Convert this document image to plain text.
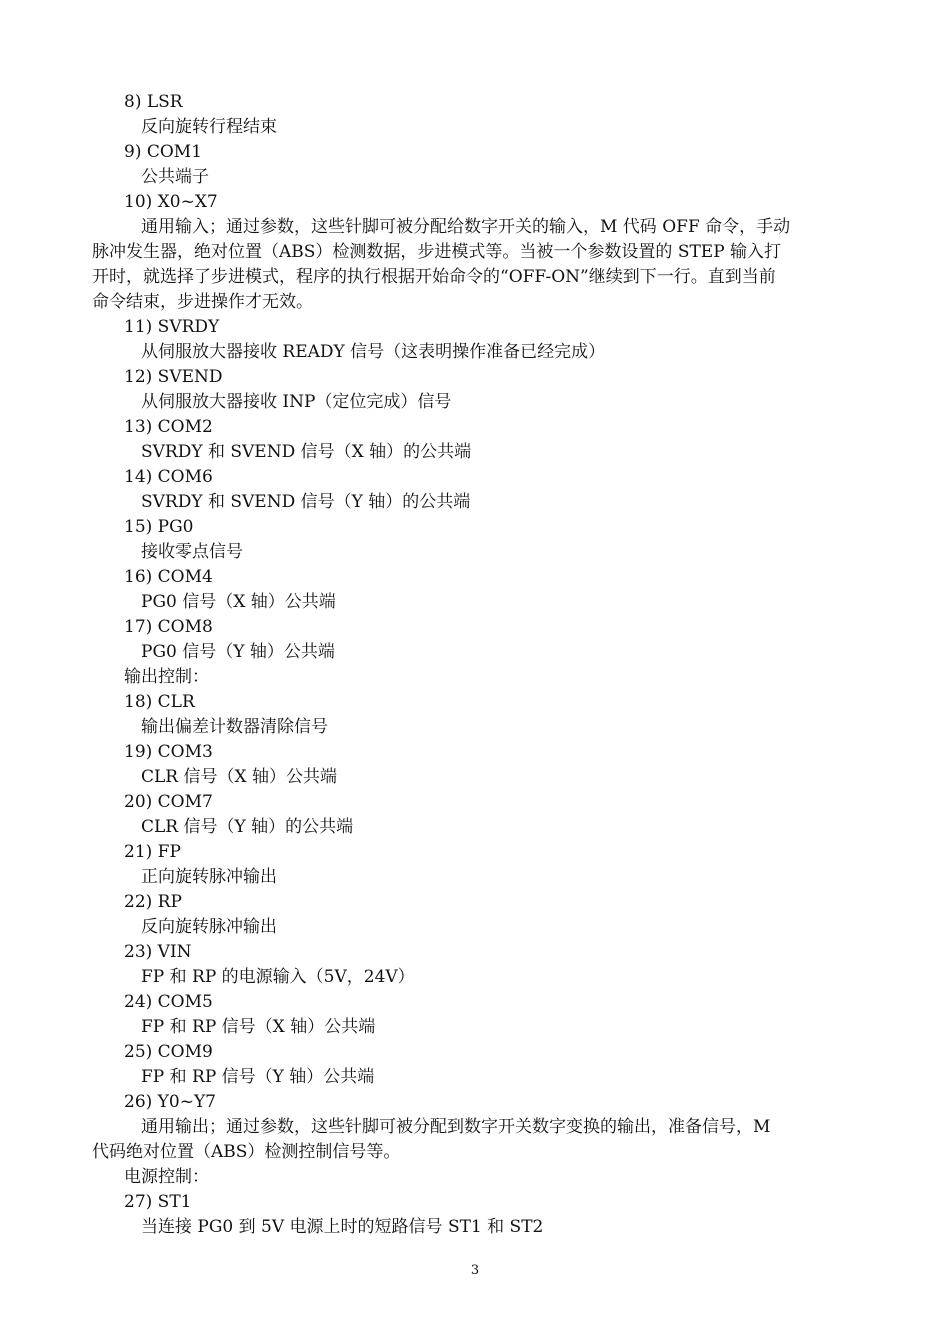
8) LSR
反向旋转行程结束
9) COM1
公共端子
10) X0~X7
通用输入；通过参数，这些针脚可被分配给数字开关的输入，M 代码 OFF 命令，手动
脉冲发生器，绝对位置（ABS）检测数据，步进模式等。当被一个参数设置的 STEP 输入打
开时，就选择了步进模式，程序的执行根据开始命令的“OFF-ON”继续到下一行。直到当前
命令结束，步进操作才无效。
11) SVRDY
从伺服放大器接收 READY 信号（这表明操作准备已经完成）
12) SVEND
从伺服放大器接收 INP（定位完成）信号
13) COM2
SVRDY 和 SVEND 信号（X 轴）的公共端
14) COM6
SVRDY 和 SVEND 信号（Y 轴）的公共端
15) PG0
接收零点信号
16) COM4
PG0 信号（X 轴）公共端
17) COM8
PG0 信号（Y 轴）公共端
输出控制：
18) CLR
输出偏差计数器清除信号
19) COM3
CLR 信号（X 轴）公共端
20) COM7
CLR 信号（Y 轴）的公共端
21) FP
正向旋转脉冲输出
22) RP
反向旋转脉冲输出
23) VIN
FP 和 RP 的电源输入（5V，24V）
24) COM5
FP 和 RP 信号（X 轴）公共端
25) COM9
FP 和 RP 信号（Y 轴）公共端
26) Y0~Y7
通用输出；通过参数，这些针脚可被分配到数字开关数字变换的输出，准备信号，M
代码绝对位置（ABS）检测控制信号等。
电源控制：
27) ST1
当连接 PG0 到 5V 电源上时的短路信号 ST1 和 ST2
3
